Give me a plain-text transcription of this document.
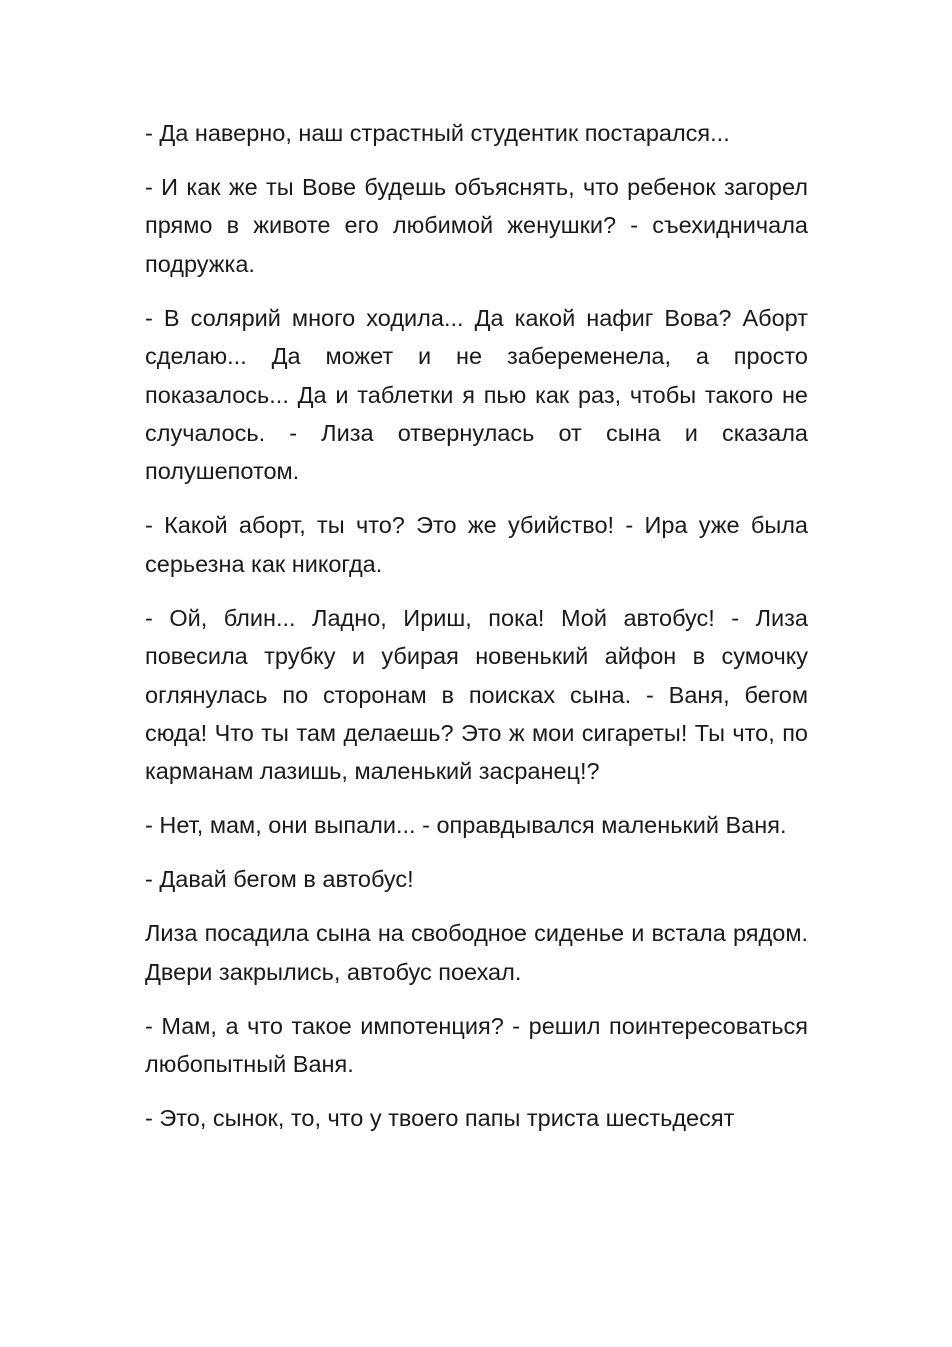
- Да наверно, наш страстный студентик постарался...

- И как же ты Вове будешь объяснять, что ребенок загорел прямо в животе его любимой женушки? - съехидничала подружка.

- В солярий много ходила... Да какой нафиг Вова? Аборт сделаю... Да может и не забеременела, а просто показалось... Да и таблетки я пью как раз, чтобы такого не случалось. - Лиза отвернулась от сына и сказала полушепотом.

- Какой аборт, ты что? Это же убийство! - Ира уже была серьезна как никогда.

- Ой, блин... Ладно, Ириш, пока! Мой автобус! - Лиза повесила трубку и убирая новенький айфон в сумочку оглянулась по сторонам в поисках сына. - Ваня, бегом сюда! Что ты там делаешь? Это ж мои сигареты! Ты что, по карманам лазишь, маленький засранец!?

- Нет, мам, они выпали... - оправдывался маленький Ваня.

- Давай бегом в автобус!

Лиза посадила сына на свободное сиденье и встала рядом. Двери закрылись, автобус поехал.

- Мам, а что такое импотенция? - решил поинтересоваться любопытный Ваня.

- Это, сынок, то, что у твоего папы триста шестьдесят
